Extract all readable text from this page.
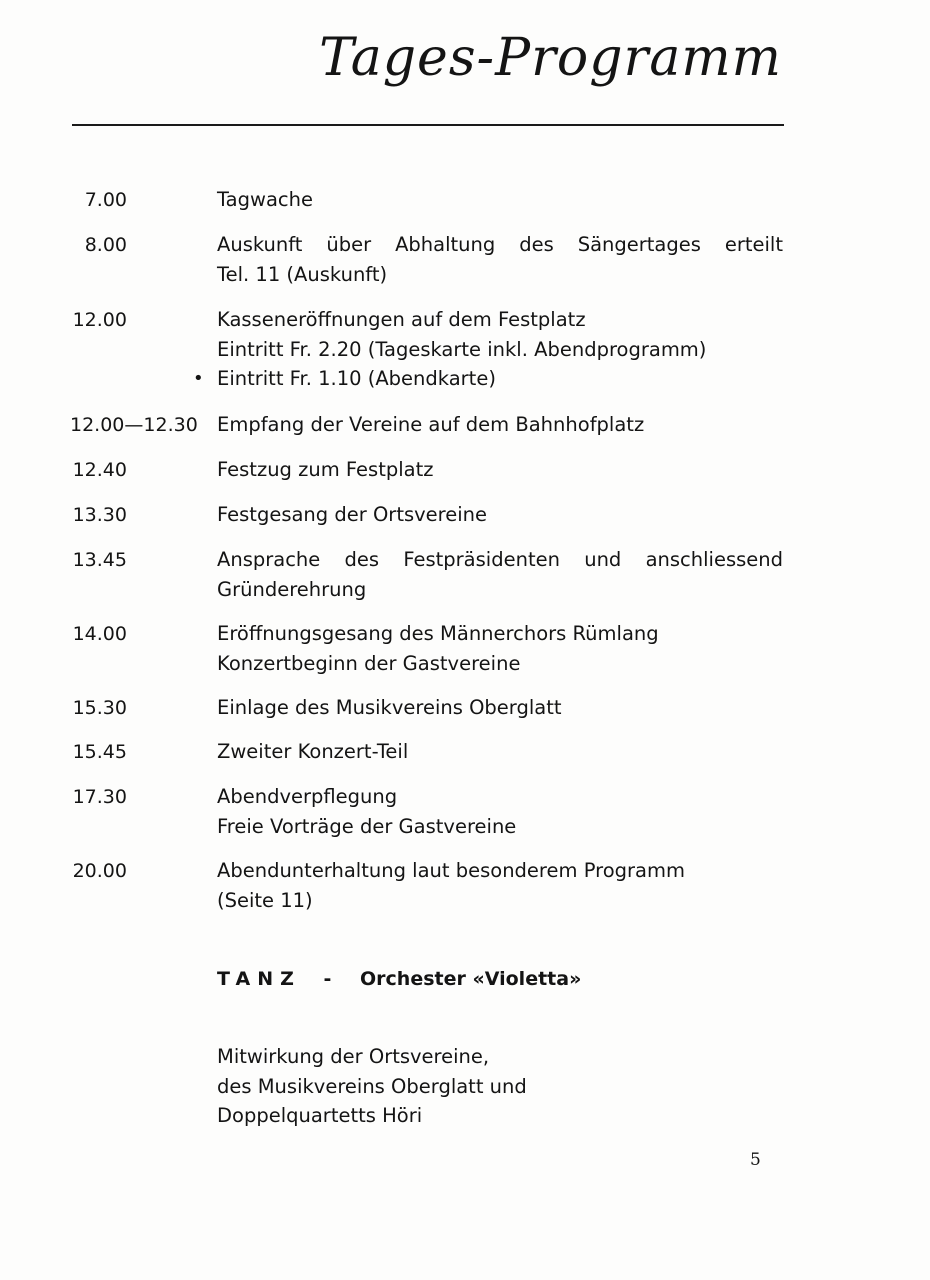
Tages-Programm
7.00	Tagwache
8.00	Auskunft über Abhaltung des Sängertages erteilt
Tel. 11 (Auskunft)
12.00	Kasseneröffnungen auf dem Festplatz
Eintritt Fr. 2.20 (Tageskarte inkl. Abendprogramm)
• Eintritt Fr. 1.10 (Abendkarte)
12.00—12.30 Empfang der Vereine auf dem Bahnhofplatz
12.40	Festzug zum Festplatz
13.30	Festgesang der Ortsvereine
13.45	Ansprache des Festpräsidenten und anschliessend
Gründerehrung
14.00	Eröffnungsgesang des Männerchors Rümlang
Konzertbeginn der Gastvereine
15.30	Einlage des Musikvereins Oberglatt
15.45	Zweiter Konzert-Teil
17.30	Abendverpflegung
Freie Vorträge der Gastvereine
20.00	Abendunterhaltung laut besonderem Programm
(Seite 11)
TANZ - Orchester «Violetta»
Mitwirkung der Ortsvereine,
des Musikvereins Oberglatt und
Doppelquartetts Höri
5
